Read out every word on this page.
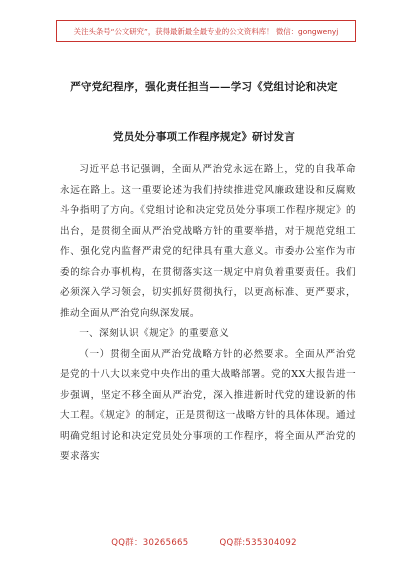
关注头条号“公文研究”，获得最新最全最专业的公文资料库！ 微信：gongwenyj
严守党纪程序，强化责任担当——学习《党组讨论和决定
党员处分事项工作程序规定》研讨发言

习近平总书记强调，全面从严治党永远在路上，党的自我革命永远在路上。这一重要论述为我们持续推进党风廉政建设和反腐败斗争指明了方向。《党组讨论和决定党员处分事项工作程序规定》的出台，是贯彻全面从严治党战略方针的重要举措，对于规范党组工作、强化党内监督严肃党的纪律具有重大意义。市委办公室作为市委的综合办事机构，在贯彻落实这一规定中肩负着重要责任。我们必须深入学习领会，切实抓好贯彻执行，以更高标准、更严要求，推动全面从严治党向纵深发展。

一、深刻认识《规定》的重要意义

（一）贯彻全面从严治党战略方针的必然要求。全面从严治党是党的十八大以来党中央作出的重大战略部署。党的XX大报告进一步强调，坚定不移全面从严治党，深入推进新时代党的建设新的伟大工程。《规定》的制定，正是贯彻这一战略方针的具体体现。通过明确党组讨论和决定党员处分事项的工作程序，将全面从严治党的要求落实

QQ群：30265665	QQ群:535304092
